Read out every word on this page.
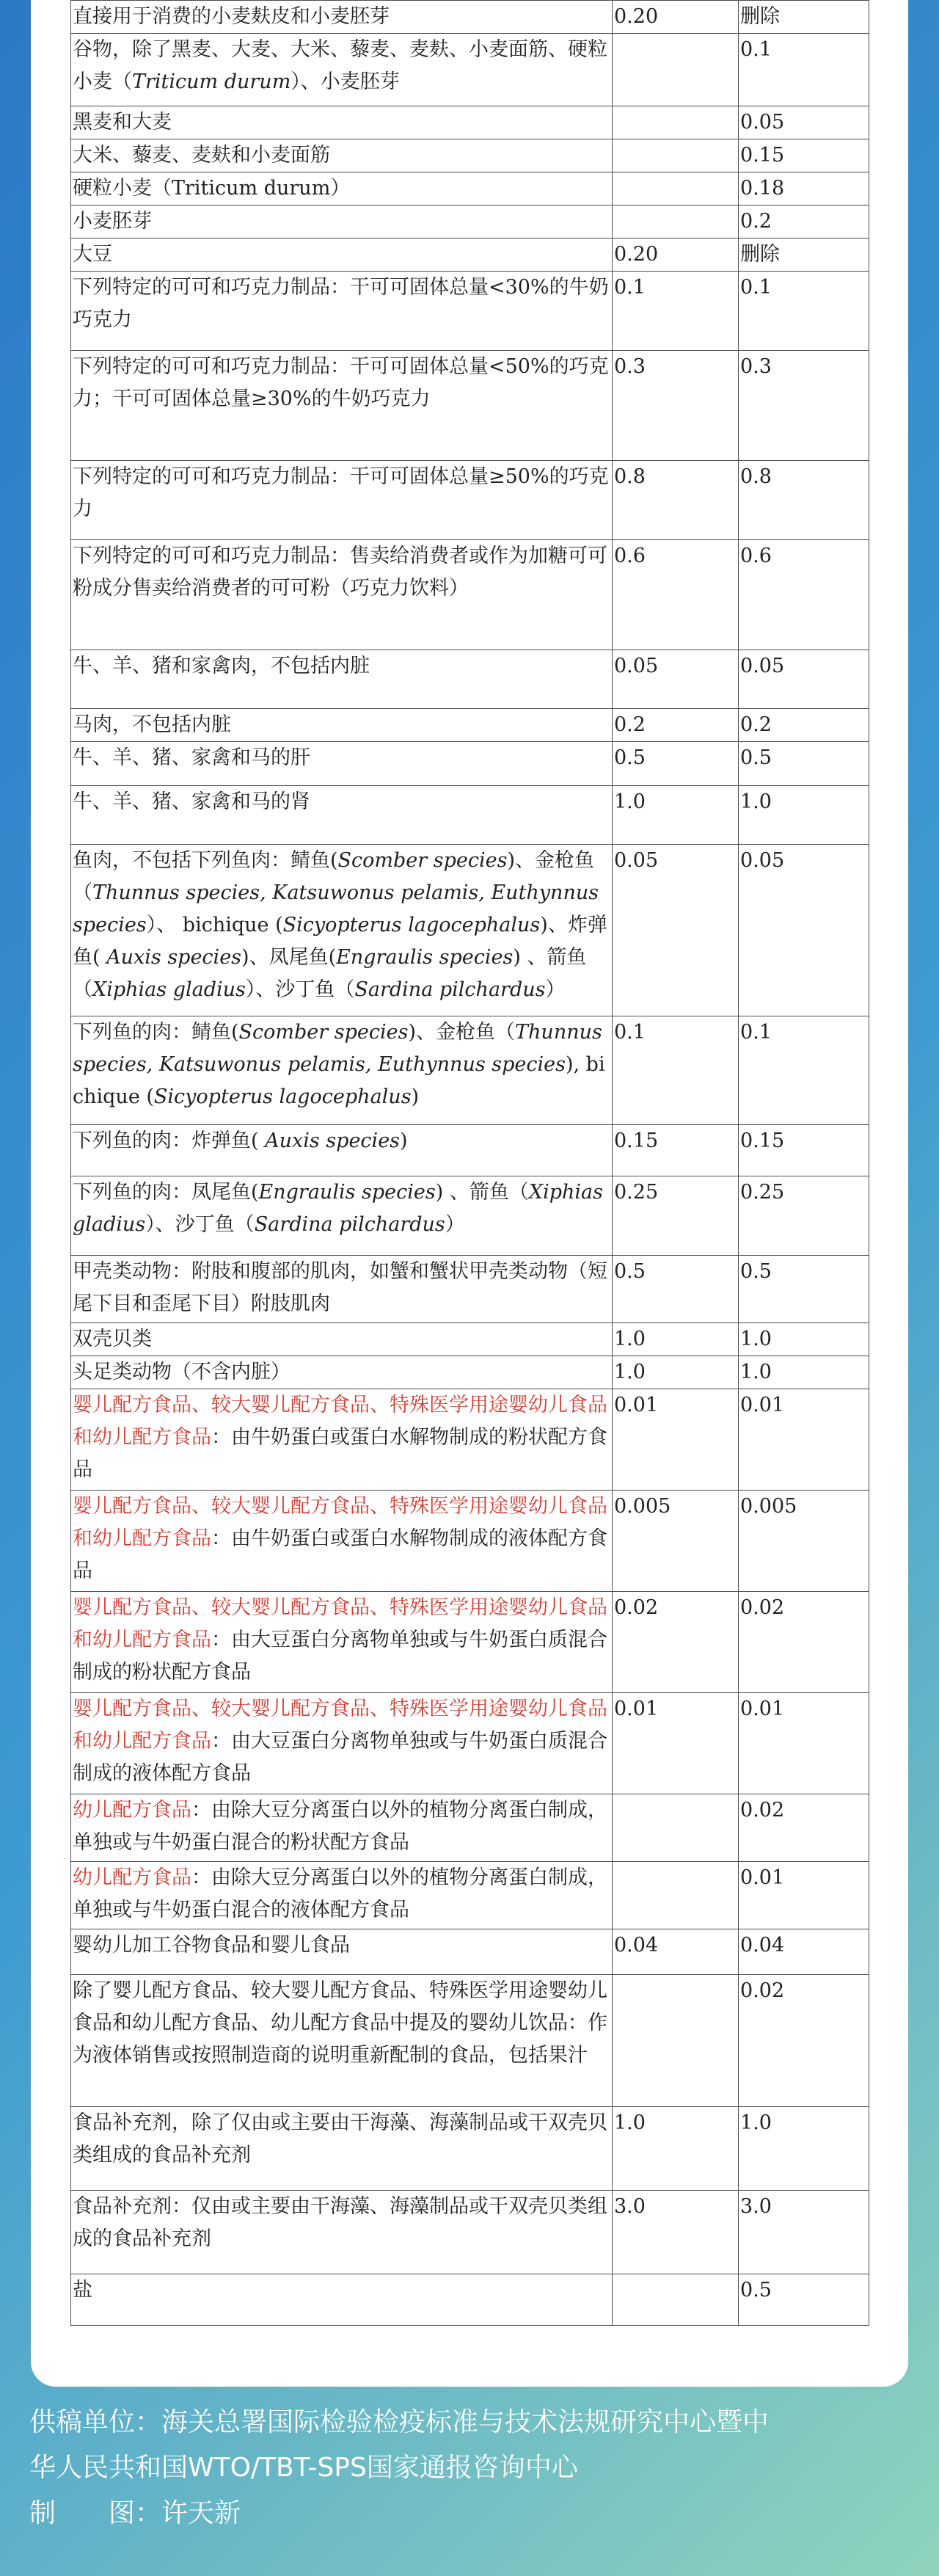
直接用于消费的小麦麸皮和小麦胚芽	0.20	删除
谷物，除了黑麦、大麦、大米、藜麦、麦麸、小麦面筋、硬粒小麦（Triticum durum）、小麦胚芽		0.1
黑麦和大麦		0.05
大米、藜麦、麦麸和小麦面筋		0.15
硬粒小麦（Triticum durum）		0.18
小麦胚芽		0.2
大豆	0.20	删除
下列特定的可可和巧克力制品：干可可固体总量<30%的牛奶巧克力	0.1	0.1
下列特定的可可和巧克力制品：干可可固体总量<50%的巧克力；干可可固体总量≥30%的牛奶巧克力	0.3	0.3
下列特定的可可和巧克力制品：干可可固体总量≥50%的巧克力	0.8	0.8
下列特定的可可和巧克力制品：售卖给消费者或作为加糖可可粉成分售卖给消费者的可可粉（巧克力饮料）	0.6	0.6
牛、羊、猪和家禽肉，不包括内脏	0.05	0.05
马肉，不包括内脏	0.2	0.2
牛、羊、猪、家禽和马的肝	0.5	0.5
牛、羊、猪、家禽和马的肾	1.0	1.0
鱼肉，不包括下列鱼肉：鲭鱼(Scomber species)、金枪鱼（Thunnus species, Katsuwonus pelamis, Euthynnus species）、 bichique (Sicyopterus lagocephalus)、炸弹鱼( Auxis species)、凤尾鱼(Engraulis species) 、箭鱼（Xiphias gladius）、沙丁鱼（Sardina pilchardus）	0.05	0.05
下列鱼的肉：鲭鱼(Scomber species)、金枪鱼（Thunnus species, Katsuwonus pelamis, Euthynnus species), bichique (Sicyopterus lagocephalus)	0.1	0.1
下列鱼的肉：炸弹鱼( Auxis species)	0.15	0.15
下列鱼的肉：凤尾鱼(Engraulis species) 、箭鱼（Xiphias gladius）、沙丁鱼（Sardina pilchardus）	0.25	0.25
甲壳类动物：附肢和腹部的肌肉，如蟹和蟹状甲壳类动物（短尾下目和歪尾下目）附肢肌肉	0.5	0.5
双壳贝类	1.0	1.0
头足类动物（不含内脏）	1.0	1.0
婴儿配方食品、较大婴儿配方食品、特殊医学用途婴幼儿食品和幼儿配方食品：由牛奶蛋白或蛋白水解物制成的粉状配方食品	0.01	0.01
婴儿配方食品、较大婴儿配方食品、特殊医学用途婴幼儿食品和幼儿配方食品：由牛奶蛋白或蛋白水解物制成的液体配方食品	0.005	0.005
婴儿配方食品、较大婴儿配方食品、特殊医学用途婴幼儿食品和幼儿配方食品：由大豆蛋白分离物单独或与牛奶蛋白质混合制成的粉状配方食品	0.02	0.02
婴儿配方食品、较大婴儿配方食品、特殊医学用途婴幼儿食品和幼儿配方食品：由大豆蛋白分离物单独或与牛奶蛋白质混合制成的液体配方食品	0.01	0.01
幼儿配方食品：由除大豆分离蛋白以外的植物分离蛋白制成，单独或与牛奶蛋白混合的粉状配方食品		0.02
幼儿配方食品：由除大豆分离蛋白以外的植物分离蛋白制成，单独或与牛奶蛋白混合的液体配方食品		0.01
婴幼儿加工谷物食品和婴儿食品	0.04	0.04
除了婴儿配方食品、较大婴儿配方食品、特殊医学用途婴幼儿食品和幼儿配方食品、幼儿配方食品中提及的婴幼儿饮品：作为液体销售或按照制造商的说明重新配制的食品，包括果汁		0.02
食品补充剂，除了仅由或主要由干海藻、海藻制品或干双壳贝类组成的食品补充剂	1.0	1.0
食品补充剂：仅由或主要由干海藻、海藻制品或干双壳贝类组成的食品补充剂	3.0	3.0
盐		0.5
供稿单位：海关总署国际检验检疫标准与技术法规研究中心暨中
华人民共和国WTO/TBT-SPS国家通报咨询中心
制　　图：许天新
